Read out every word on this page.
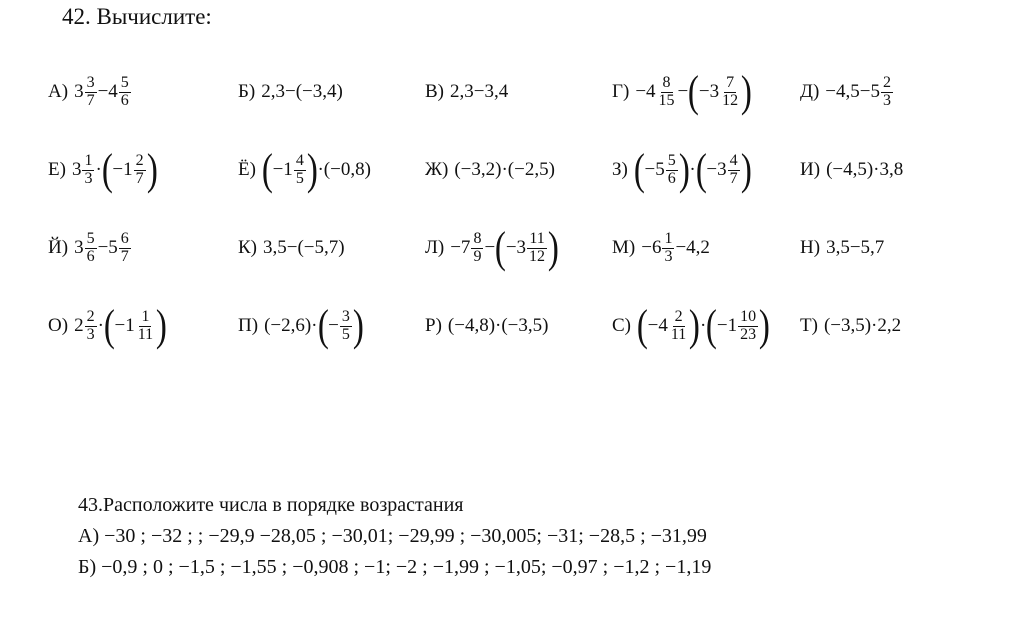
42. Вычислите:
А) $3 \frac{3}{7} -4 \frac{5}{6}$	Б) 2,3−(−3,4)	В) 2,3−3,4	$Г) -4 \frac{8}{15}$ − ( $-3 \frac{7}{12}$ )	$Д) -4,5-5 \frac{2}{3}$
Е) $3 \frac{1}{3}$ · ( $-1 \frac{2}{7}$ )	Ё) ( $-1 \frac{4}{5}$ ) ·(−0,8)	Ж) (−3,2)·(−2,5)	З) ( $-5 \frac{5}{6}$ ) · ( $-3 \frac{4}{7}$ )	И) (−4,5)·3,8
Й) $3 \frac{5}{6} -5 \frac{6}{7}$	К) 3,5−(−5,7)	$Л) -7 \frac{8}{9}$ − ( $-3 \frac{11}{12}$ )	$М) -6 \frac{1}{3} -4,2$	Н) 3,5−5,7
О) $2 \frac{2}{3}$ · ( $-1 \frac{1}{11}$ )	П) (−2,6)· ( − $\frac{3}{5}$ )	Р) (−4,8)·(−3,5)	С) ( $-4 \frac{2}{11}$ ) · ( $-1 \frac{10}{23}$ ) Т) (−3,5)·2,2
43.Расположите числа в порядке возрастания
А) −30 ; −32 ; ; −29,9 −28,05 ; −30,01; −29,99 ; −30,005; −31; −28,5 ; −31,99
Б) −0,9 ; 0 ; −1,5 ; −1,55 ; −0,908 ; −1; −2 ; −1,99 ; −1,05; −0,97 ; −1,2 ; −1,19
